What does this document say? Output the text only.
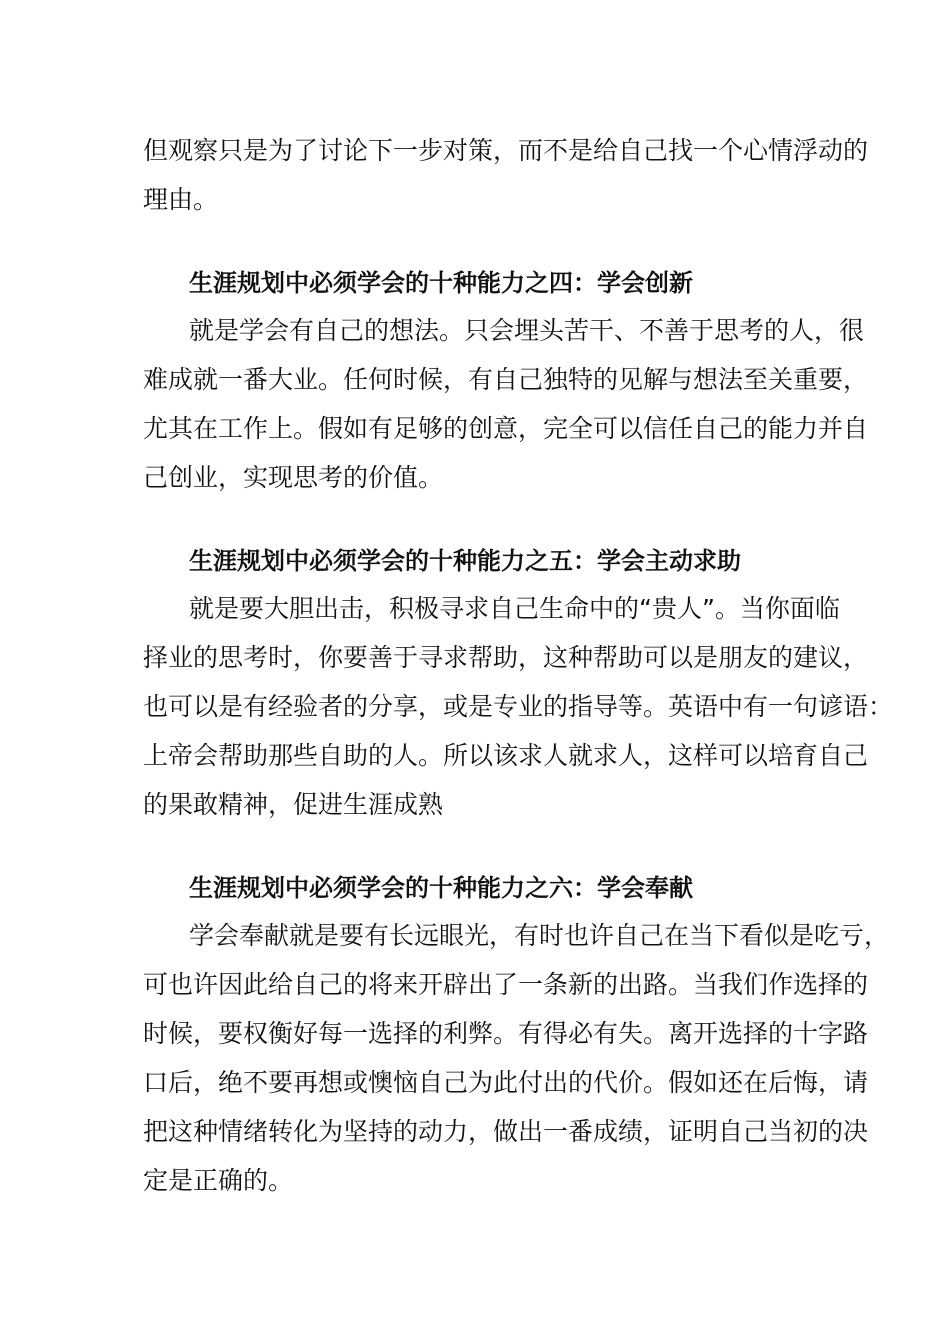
但观察只是为了讨论下一步对策，而不是给自己找一个心情浮动的
理由。
生涯规划中必须学会的十种能力之四：学会创新
就是学会有自己的想法。只会埋头苦干、不善于思考的人，很
难成就一番大业。任何时候，有自己独特的见解与想法至关重要，
尤其在工作上。假如有足够的创意，完全可以信任自己的能力并自
己创业，实现思考的价值。
生涯规划中必须学会的十种能力之五：学会主动求助
就是要大胆出击，积极寻求自己生命中的“贵人”。当你面临
择业的思考时，你要善于寻求帮助，这种帮助可以是朋友的建议，
也可以是有经验者的分享，或是专业的指导等。英语中有一句谚语：
上帝会帮助那些自助的人。所以该求人就求人，这样可以培育自己
的果敢精神，促进生涯成熟
生涯规划中必须学会的十种能力之六：学会奉献
学会奉献就是要有长远眼光，有时也许自己在当下看似是吃亏，
可也许因此给自己的将来开辟出了一条新的出路。当我们作选择的
时候，要权衡好每一选择的利弊。有得必有失。离开选择的十字路
口后，绝不要再想或懊恼自己为此付出的代价。假如还在后悔，请
把这种情绪转化为坚持的动力，做出一番成绩，证明自己当初的决
定是正确的。
